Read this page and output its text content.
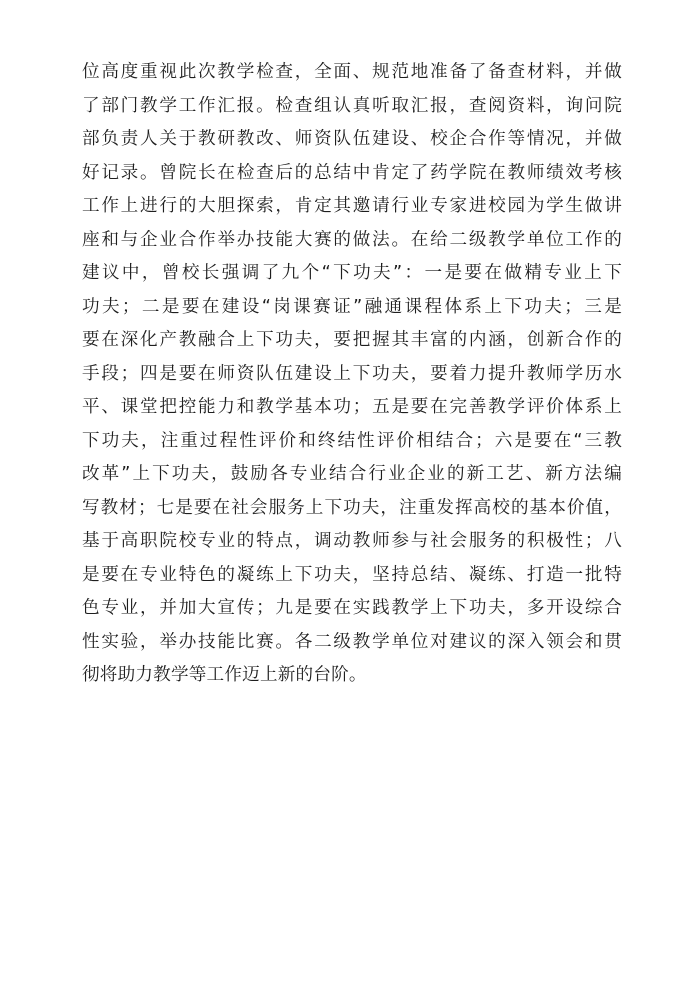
位高度重视此次教学检查，全面、规范地准备了备查材料，并做
了部门教学工作汇报。检查组认真听取汇报，查阅资料，询问院
部负责人关于教研教改、师资队伍建设、校企合作等情况，并做
好记录。曾院长在检查后的总结中肯定了药学院在教师绩效考核
工作上进行的大胆探索，肯定其邀请行业专家进校园为学生做讲
座和与企业合作举办技能大赛的做法。在给二级教学单位工作的
建议中，曾校长强调了九个“下功夫”：一是要在做精专业上下
功夫；二是要在建设“岗课赛证”融通课程体系上下功夫；三是
要在深化产教融合上下功夫，要把握其丰富的内涵，创新合作的
手段；四是要在师资队伍建设上下功夫，要着力提升教师学历水
平、课堂把控能力和教学基本功；五是要在完善教学评价体系上
下功夫，注重过程性评价和终结性评价相结合；六是要在“三教
改革”上下功夫，鼓励各专业结合行业企业的新工艺、新方法编
写教材；七是要在社会服务上下功夫，注重发挥高校的基本价值，
基于高职院校专业的特点，调动教师参与社会服务的积极性；八
是要在专业特色的凝练上下功夫，坚持总结、凝练、打造一批特
色专业，并加大宣传；九是要在实践教学上下功夫，多开设综合
性实验，举办技能比赛。各二级教学单位对建议的深入领会和贯
彻将助力教学等工作迈上新的台阶。
